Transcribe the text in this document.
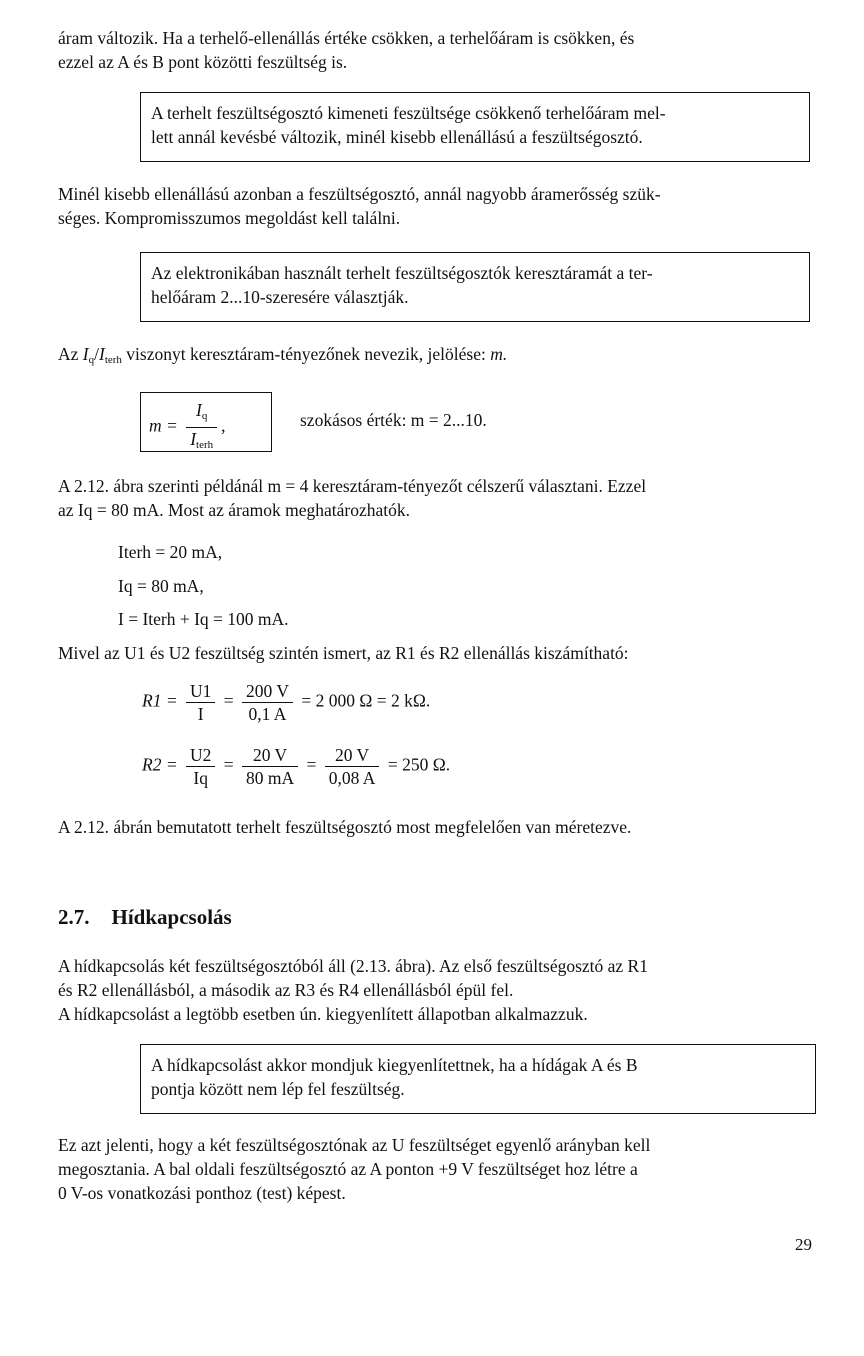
áram változik. Ha a terhelő-ellenállás értéke csökken, a terhelőáram is csökken, és
ezzel az A és B pont közötti feszültség is.

A terhelt feszültségosztó kimeneti feszültsége csökkenő terhelőáram mel-
lett annál kevésbé változik, minél kisebb ellenállású a feszültségosztó.

Minél kisebb ellenállású azonban a feszültségosztó, annál nagyobb áramerősség szük-
séges. Kompromisszumos megoldást kell találni.

Az elektronikában használt terhelt feszültségosztók keresztáramát a ter-
helőáram 2...10-szeresére választják.

Az $I_q/I_{terh}$ viszonyt keresztáram-tényezőnek nevezik, jelölése: m.

$m = \frac{I_q}{I_{terh}}$ ,	szokásos érték: m = 2...10.

A 2.12. ábra szerinti példánál m = 4 keresztáram-tényezőt célszerű választani. Ezzel
az Iq = 80 mA. Most az áramok meghatározhatók.

Iterh = 20 mA,
Iq = 80 mA,
I = Iterh + Iq = 100 mA.

Mivel az U1 és U2 feszültség szintén ismert, az R1 és R2 ellenállás kiszámítható:

$R1 = \frac{U1}{I} = \frac{200 V}{0,1 A} = 2$ 000 Ω = 2 kΩ.
$R2 = \frac{U2}{Iq} = \frac{20 V}{80 mA} = \frac{20 V}{0,08 A} = 250$ Ω.

A 2.12. ábrán bemutatott terhelt feszültségosztó most megfelelően van méretezve.

2.7. Hídkapcsolás

A hídkapcsolás két feszültségosztóból áll (2.13. ábra). Az első feszültségosztó az R1
és R2 ellenállásból, a második az R3 és R4 ellenállásból épül fel.
A hídkapcsolást a legtöbb esetben ún. kiegyenlített állapotban alkalmazzuk.

A hídkapcsolást akkor mondjuk kiegyenlítettnek, ha a hídágak A és B
pontja között nem lép fel feszültség.

Ez azt jelenti, hogy a két feszültségosztónak az U feszültséget egyenlő arányban kell
megosztania. A bal oldali feszültségosztó az A ponton +9 V feszültséget hoz létre a
0 V-os vonatkozási ponthoz (test) képest.

29
